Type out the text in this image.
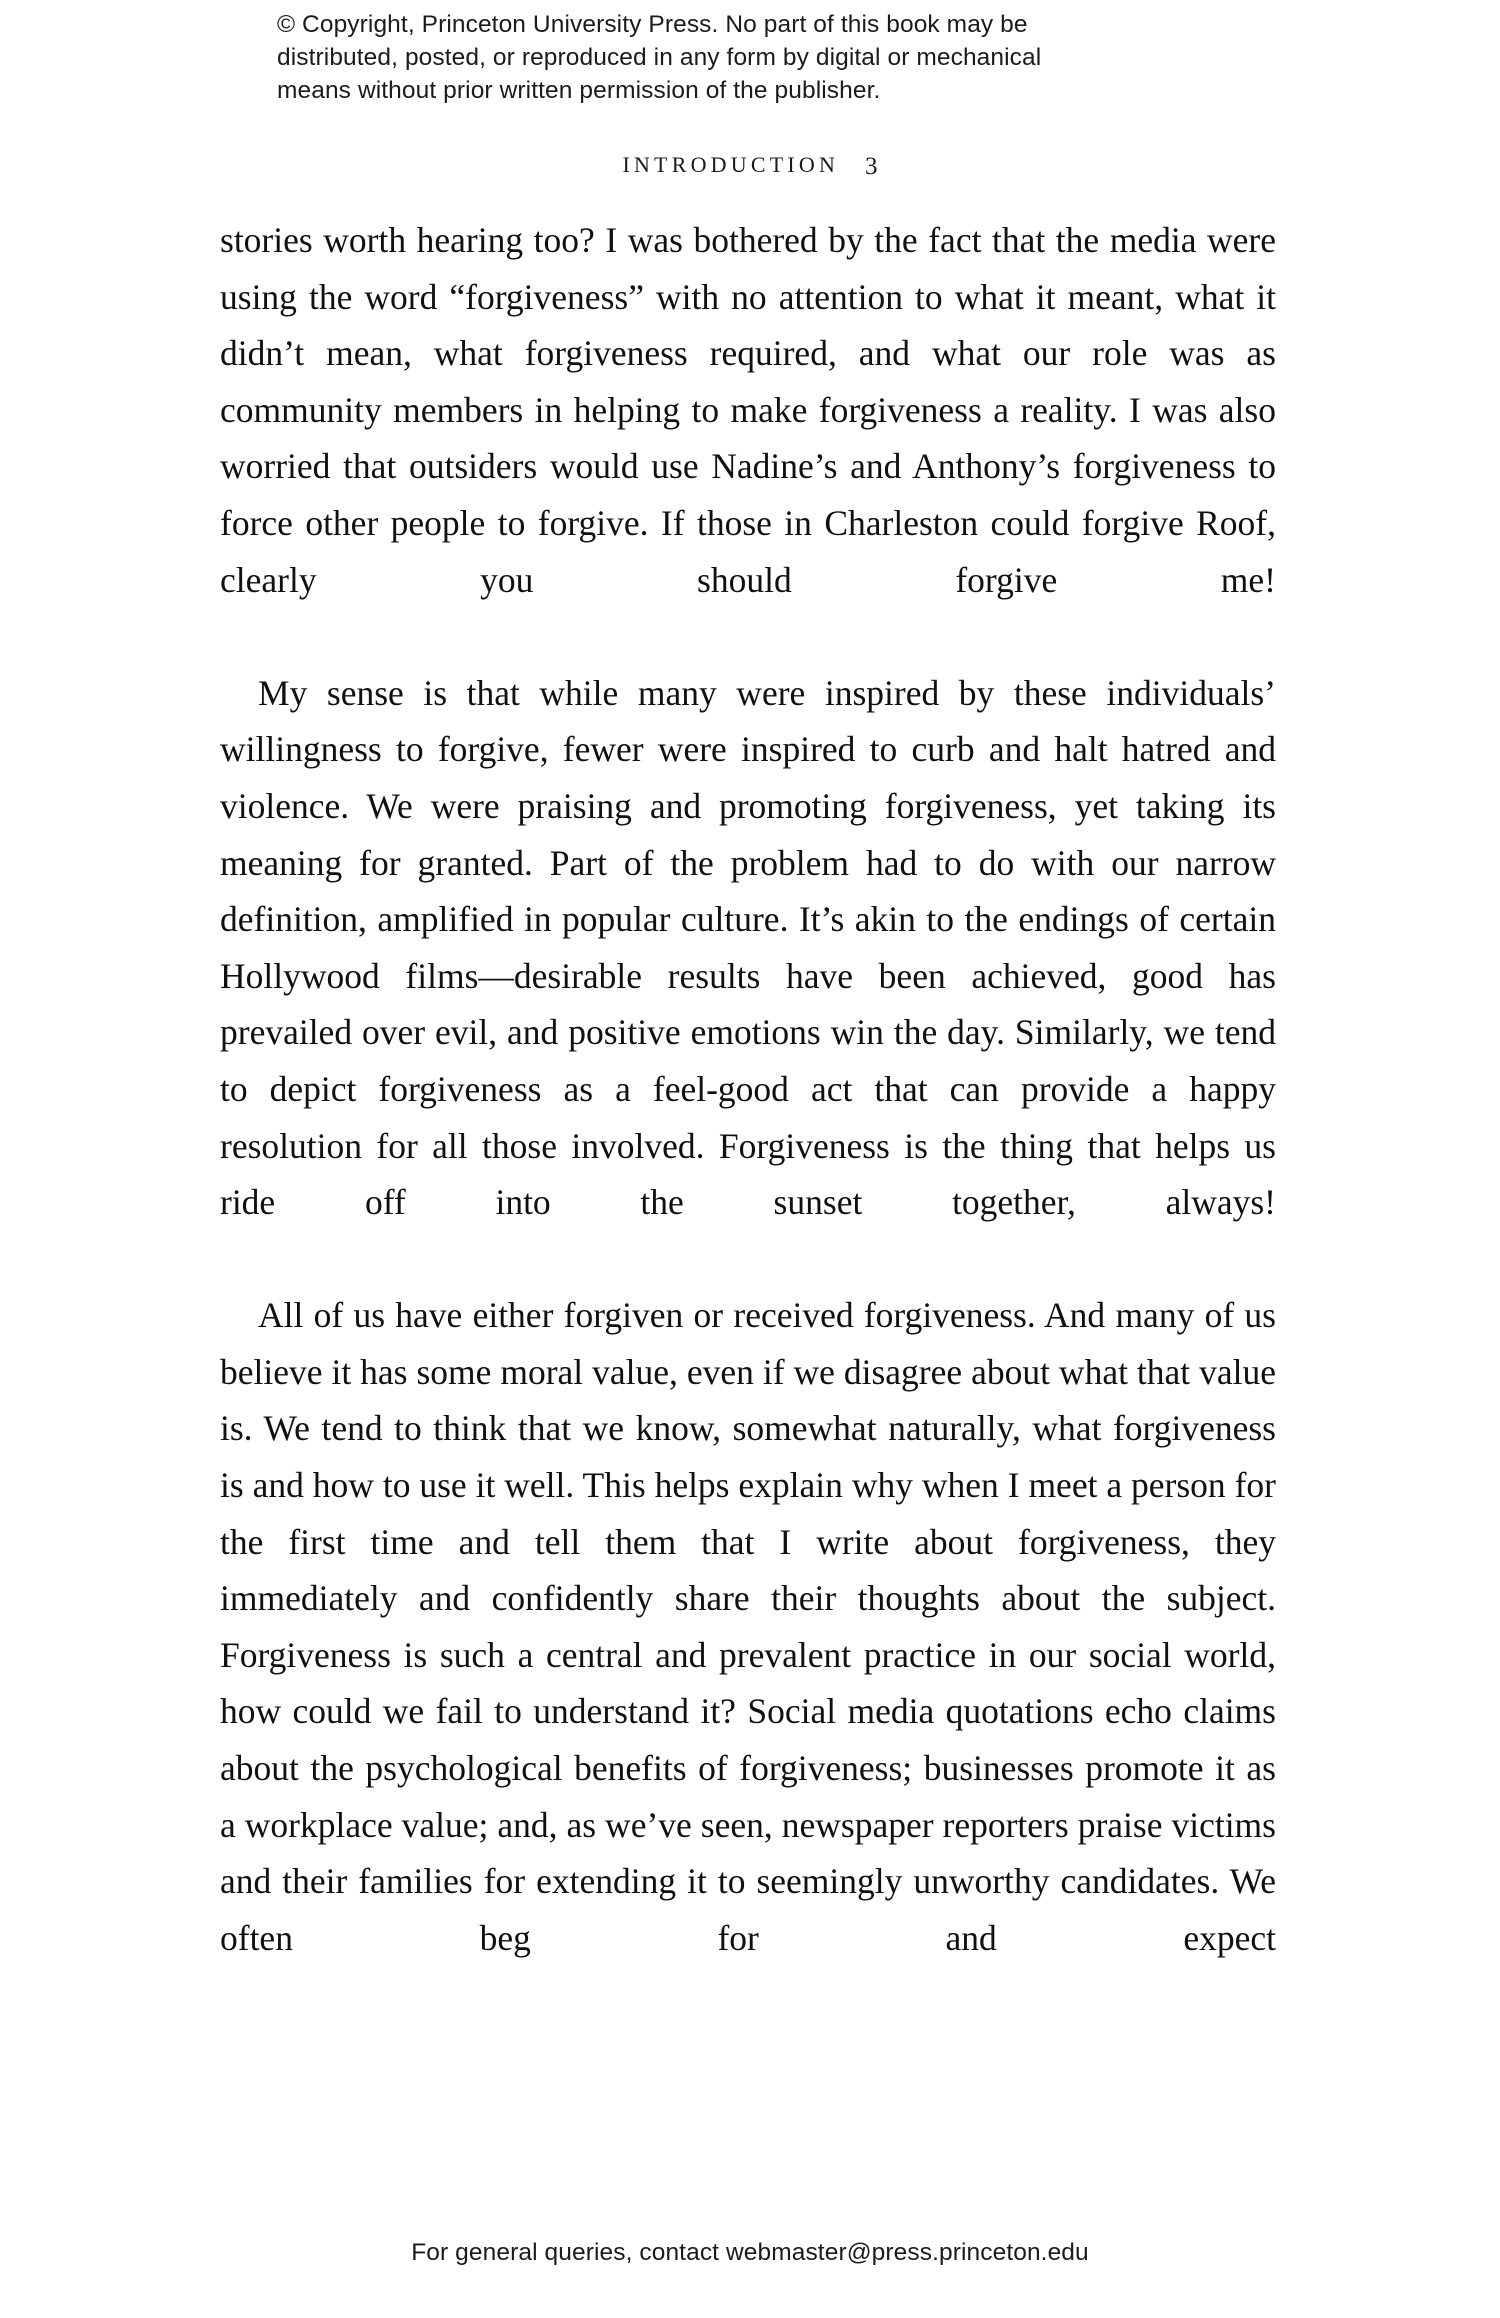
© Copyright, Princeton University Press. No part of this book may be
distributed, posted, or reproduced in any form by digital or mechanical
means without prior written permission of the publisher.
INTRODUCTION 3

stories worth hearing too? I was bothered by the fact that the media were using the word “forgiveness” with no attention to what it meant, what it didn’t mean, what forgiveness required, and what our role was as community members in helping to make forgiveness a reality. I was also worried that outsiders would use Nadine’s and Anthony’s forgiveness to force other people to forgive. If those in Charleston could forgive Roof, clearly you should forgive me!

My sense is that while many were inspired by these individuals’ willingness to forgive, fewer were inspired to curb and halt hatred and violence. We were praising and promoting forgiveness, yet taking its meaning for granted. Part of the problem had to do with our narrow definition, amplified in popular culture. It’s akin to the endings of certain Hollywood films—desirable results have been achieved, good has prevailed over evil, and positive emotions win the day. Similarly, we tend to depict forgiveness as a feel-good act that can provide a happy resolution for all those involved. Forgiveness is the thing that helps us ride off into the sunset together, always!

All of us have either forgiven or received forgiveness. And many of us believe it has some moral value, even if we disagree about what that value is. We tend to think that we know, somewhat naturally, what forgiveness is and how to use it well. This helps explain why when I meet a person for the first time and tell them that I write about forgiveness, they immediately and confidently share their thoughts about the subject. Forgiveness is such a central and prevalent practice in our social world, how could we fail to understand it? Social media quotations echo claims about the psychological benefits of forgiveness; businesses promote it as a workplace value; and, as we’ve seen, newspaper reporters praise victims and their families for extending it to seemingly unworthy candidates. We often beg for and expect

For general queries, contact webmaster@press.princeton.edu
